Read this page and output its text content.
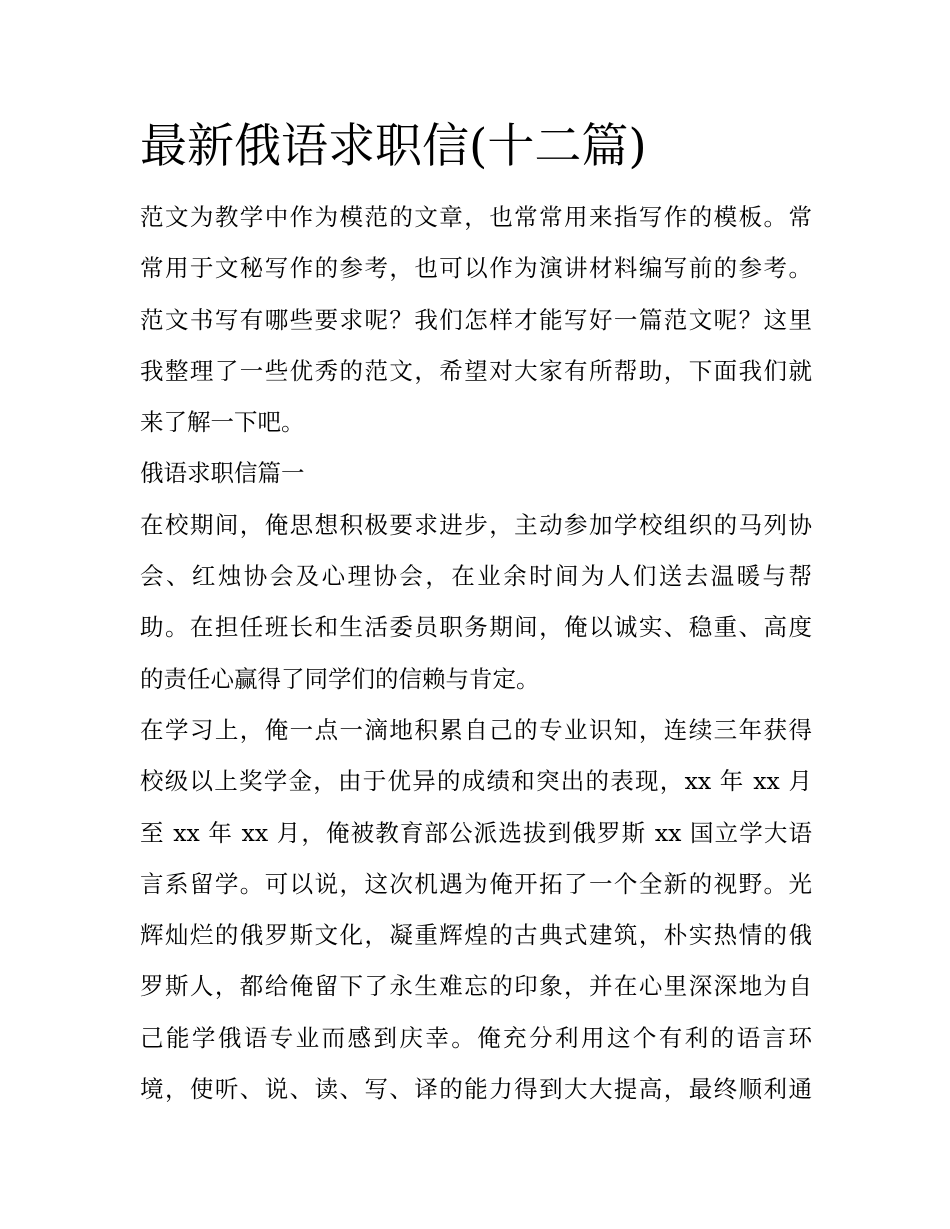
最新俄语求职信(十二篇)
范文为教学中作为模范的文章，也常常用来指写作的模板。常
常用于文秘写作的参考，也可以作为演讲材料编写前的参考。
范文书写有哪些要求呢？我们怎样才能写好一篇范文呢？这里
我整理了一些优秀的范文，希望对大家有所帮助，下面我们就
来了解一下吧。
俄语求职信篇一
在校期间，俺思想积极要求进步，主动参加学校组织的马列协
会、红烛协会及心理协会，在业余时间为人们送去温暖与帮
助。在担任班长和生活委员职务期间，俺以诚实、稳重、高度
的责任心赢得了同学们的信赖与肯定。
在学习上，俺一点一滴地积累自己的专业识知，连续三年获得
校级以上奖学金，由于优异的成绩和突出的表现，xx 年 xx 月
至 xx 年 xx 月，俺被教育部公派选拔到俄罗斯 xx 国立学大语
言系留学。可以说，这次机遇为俺开拓了一个全新的视野。光
辉灿烂的俄罗斯文化，凝重辉煌的古典式建筑，朴实热情的俄
罗斯人，都给俺留下了永生难忘的印象，并在心里深深地为自
己能学俄语专业而感到庆幸。俺充分利用这个有利的语言环
境，使听、说、读、写、译的能力得到大大提高，最终顺利通
